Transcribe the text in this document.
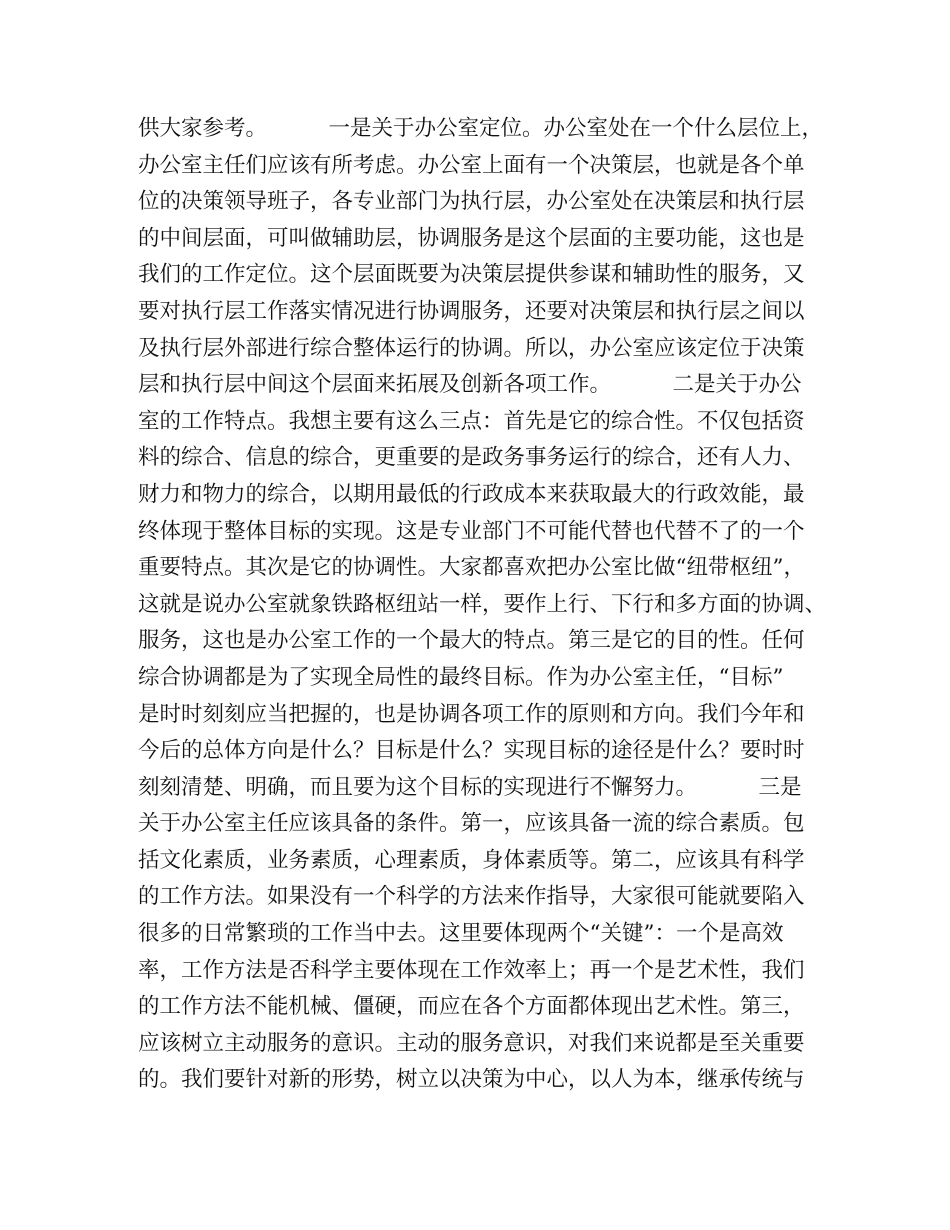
供大家参考。         一是关于办公室定位。办公室处在一个什么层位上，
办公室主任们应该有所考虑。办公室上面有一个决策层，也就是各个单
位的决策领导班子，各专业部门为执行层，办公室处在决策层和执行层
的中间层面，可叫做辅助层，协调服务是这个层面的主要功能，这也是
我们的工作定位。这个层面既要为决策层提供参谋和辅助性的服务，又
要对执行层工作落实情况进行协调服务，还要对决策层和执行层之间以
及执行层外部进行综合整体运行的协调。所以，办公室应该定位于决策
层和执行层中间这个层面来拓展及创新各项工作。         二是关于办公
室的工作特点。我想主要有这么三点：首先是它的综合性。不仅包括资
料的综合、信息的综合，更重要的是政务事务运行的综合，还有人力、
财力和物力的综合，以期用最低的行政成本来获取最大的行政效能，最
终体现于整体目标的实现。这是专业部门不可能代替也代替不了的一个
重要特点。其次是它的协调性。大家都喜欢把办公室比做“纽带枢纽”，
这就是说办公室就象铁路枢纽站一样，要作上行、下行和多方面的协调、
服务，这也是办公室工作的一个最大的特点。第三是它的目的性。任何
综合协调都是为了实现全局性的最终目标。作为办公室主任，“目标”
是时时刻刻应当把握的，也是协调各项工作的原则和方向。我们今年和
今后的总体方向是什么？目标是什么？实现目标的途径是什么？要时时
刻刻清楚、明确，而且要为这个目标的实现进行不懈努力。         三是
关于办公室主任应该具备的条件。第一，应该具备一流的综合素质。包
括文化素质，业务素质，心理素质，身体素质等。第二，应该具有科学
的工作方法。如果没有一个科学的方法来作指导，大家很可能就要陷入
很多的日常繁琐的工作当中去。这里要体现两个“关键”：一个是高效
率，工作方法是否科学主要体现在工作效率上；再一个是艺术性，我们
的工作方法不能机械、僵硬，而应在各个方面都体现出艺术性。第三，
应该树立主动服务的意识。主动的服务意识，对我们来说都是至关重要
的。我们要针对新的形势，树立以决策为中心，以人为本，继承传统与
